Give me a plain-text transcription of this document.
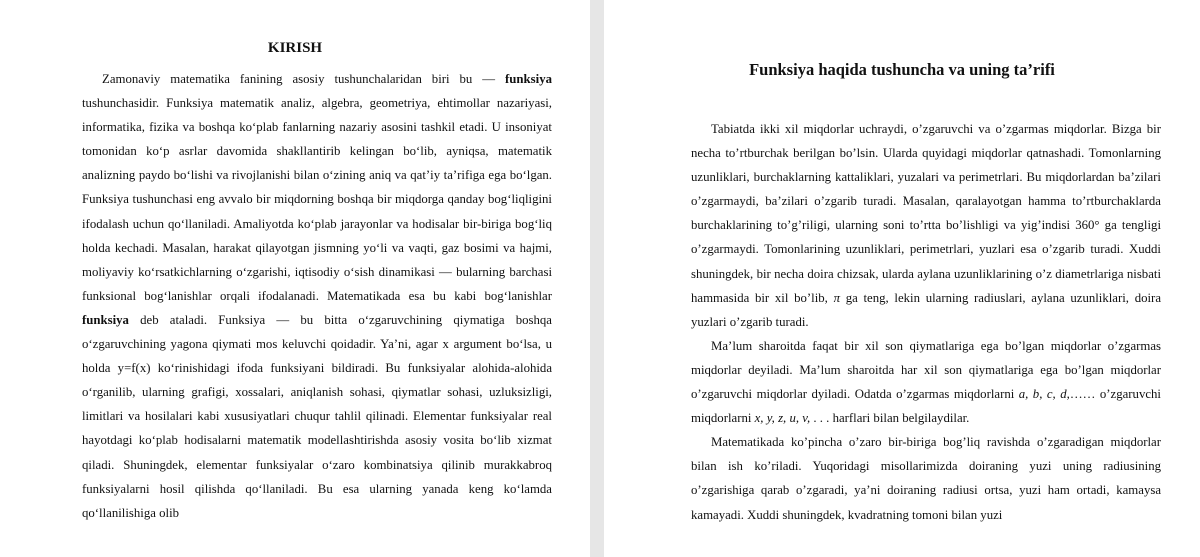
KIRISH

Zamonaviy matematika fanining asosiy tushunchalaridan biri bu — funksiya tushunchasidir. Funksiya matematik analiz, algebra, geometriya, ehtimollar nazariyasi, informatika, fizika va boshqa ko‘plab fanlarning nazariy asosini tashkil etadi. U insoniyat tomonidan ko‘p asrlar davomida shakllantirib kelingan bo‘lib, ayniqsa, matematik analizning paydo bo‘lishi va rivojlanishi bilan o‘zining aniq va qat’iy ta’rifiga ega bo‘lgan. Funksiya tushunchasi eng avvalo bir miqdorning boshqa bir miqdorga qanday bog‘liqligini ifodalash uchun qo‘llaniladi. Amaliyotda ko‘plab jarayonlar va hodisalar bir-biriga bog‘liq holda kechadi. Masalan, harakat qilayotgan jismning yo‘li va vaqti, gaz bosimi va hajmi, moliyaviy ko‘rsatkichlarning o‘zgarishi, iqtisodiy o‘sish dinamikasi — bularning barchasi funksional bog‘lanishlar orqali ifodalanadi. Matematikada esa bu kabi bog‘lanishlar funksiya deb ataladi. Funksiya — bu bitta o‘zgaruvchining qiymatiga boshqa o‘zgaruvchining yagona qiymati mos keluvchi qoidadir. Ya’ni, agar x argument bo‘lsa, u holda y=f(x) ko‘rinishidagi ifoda funksiyani bildiradi. Bu funksiyalar alohida-alohida o‘rganilib, ularning grafigi, xossalari, aniqlanish sohasi, qiymatlar sohasi, uzluksizligi, limitlari va hosilalari kabi xususiyatlari chuqur tahlil qilinadi. Elementar funksiyalar real hayotdagi ko‘plab hodisalarni matematik modellashtirishda asosiy vosita bo‘lib xizmat qiladi. Shuningdek, elementar funksiyalar o‘zaro kombinatsiya qilinib murakkabroq funksiyalarni hosil qilishda qo‘llaniladi. Bu esa ularning yanada keng ko‘lamda qo‘llanilishiga olib

Funksiya haqida tushuncha va uning ta’rifi

Tabiatda ikki xil miqdorlar uchraydi, o’zgaruvchi va o’zgarmas miqdorlar. Bizga bir necha to’rtburchak berilgan bo’lsin. Ularda quyidagi miqdorlar qatnashadi. Tomonlarning uzunliklari, burchaklarning kattaliklari, yuzalari va perimetrlari. Bu miqdorlardan ba’zilari o’zgarmaydi, ba’zilari o’zgarib turadi. Masalan, qaralayotgan hamma to’rtburchaklarda burchaklarining to’g’riligi, ularning soni to’rtta bo’lishligi va yig’indisi 360° ga tengligi o’zgarmaydi. Tomonlarining uzunliklari, perimetrlari, yuzlari esa o’zgarib turadi. Xuddi shuningdek, bir necha doira chizsak, ularda aylana uzunliklarining o’z diametrlariga nisbati hammasida bir xil bo’lib, π ga teng, lekin ularning radiuslari, aylana uzunliklari, doira yuzlari o’zgarib turadi.

Ma’lum sharoitda faqat bir xil son qiymatlariga ega bo’lgan miqdorlar o’zgarmas miqdorlar deyiladi. Ma’lum sharoitda har xil son qiymatlariga ega bo’lgan miqdorlar o’zgaruvchi miqdorlar dyiladi. Odatda o’zgarmas miqdorlarni a, b, c, d,…… o’zgaruvchi miqdorlarni x, y, z, u, v, . . . harflari bilan belgilaydilar.

Matematikada ko’pincha o’zaro bir-biriga bog’liq ravishda o’zgaradigan miqdorlar bilan ish ko’riladi. Yuqoridagi misollarimizda doiraning yuzi uning radiusining o’zgarishiga qarab o’zgaradi, ya’ni doiraning radiusi ortsa, yuzi ham ortadi, kamaysa kamayadi. Xuddi shuningdek, kvadratning tomoni bilan yuzi
